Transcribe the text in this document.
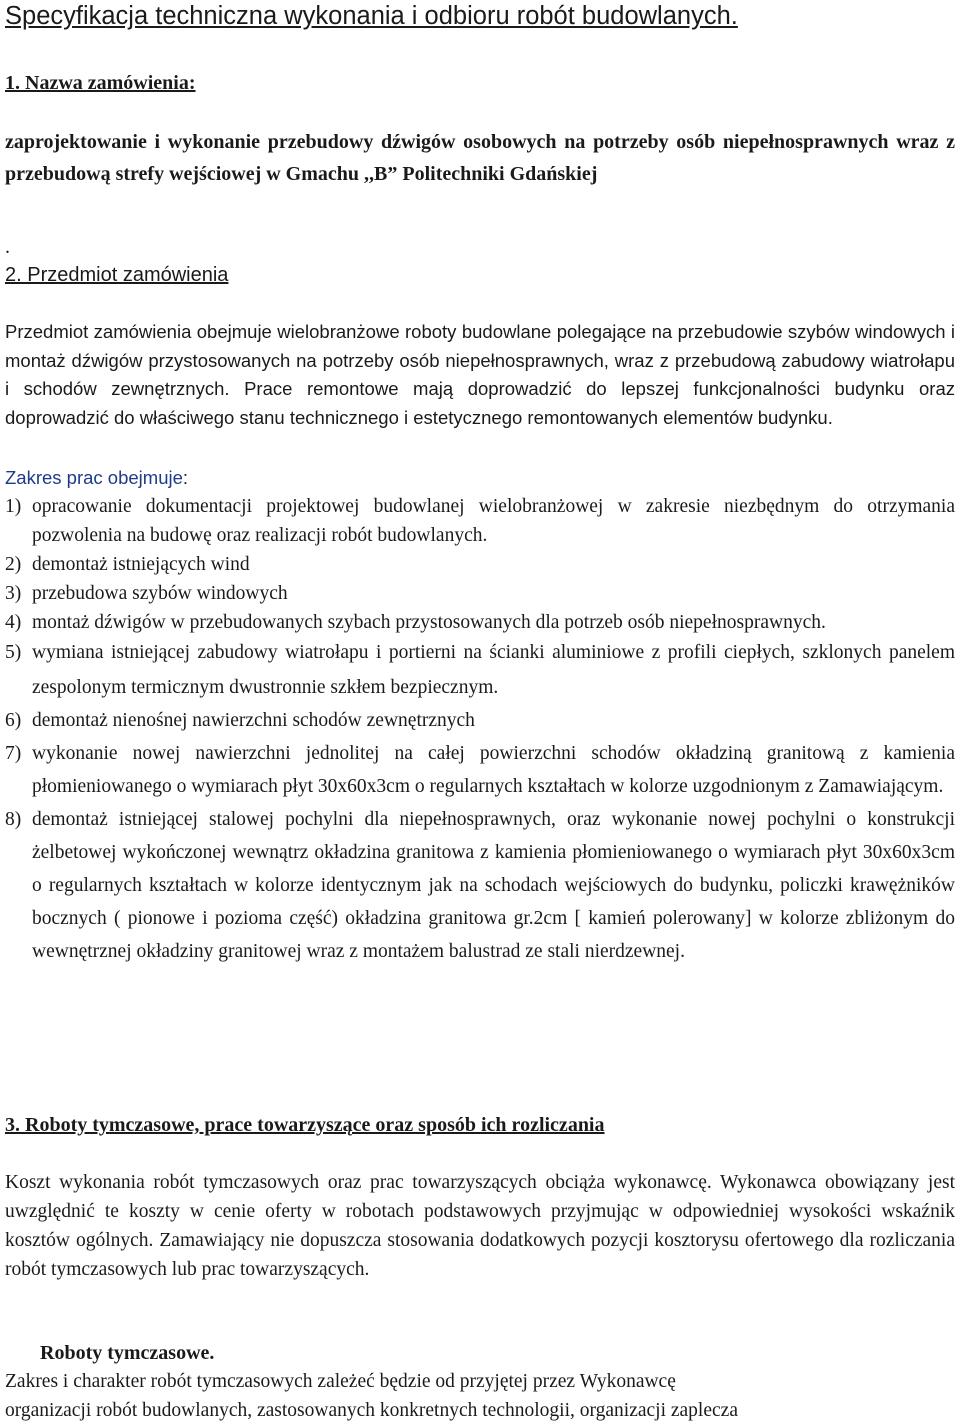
Specyfikacja techniczna wykonania i odbioru robót budowlanych.
1. Nazwa zamówienia:
zaprojektowanie i wykonanie przebudowy dźwigów osobowych na potrzeby osób niepełnosprawnych wraz z przebudową strefy wejściowej w Gmachu ,,B” Politechniki Gdańskiej
.
2. Przedmiot zamówienia
Przedmiot zamówienia obejmuje wielobranżowe roboty budowlane polegające na przebudowie szybów windowych i montaż dźwigów przystosowanych na potrzeby osób niepełnosprawnych, wraz z przebudową zabudowy wiatrołapu i schodów zewnętrznych. Prace remontowe mają doprowadzić do lepszej funkcjonalności budynku oraz doprowadzić do właściwego stanu technicznego i estetycznego remontowanych elementów budynku.
Zakres prac obejmuje:
1) opracowanie dokumentacji projektowej budowlanej wielobranżowej w zakresie niezbędnym do otrzymania pozwolenia na budowę oraz realizacji robót budowlanych.
2) demontaż istniejących wind
3) przebudowa szybów windowych
4) montaż dźwigów w przebudowanych szybach przystosowanych dla potrzeb osób niepełnosprawnych.
5) wymiana istniejącej zabudowy wiatrołapu i portierni na ścianki aluminiowe z profili ciepłych, szklonych panelem zespolonym termicznym dwustronnie szkłem bezpiecznym.
6) demontaż nienośnej nawierzchni schodów zewnętrznych
7) wykonanie nowej nawierzchni jednolitej na całej powierzchni schodów okładziną granitową z kamienia płomieniowanego o wymiarach płyt 30x60x3cm o regularnych kształtach w kolorze uzgodnionym z Zamawiającym.
8) demontaż istniejącej stalowej pochylni dla niepełnosprawnych, oraz wykonanie nowej pochylni o konstrukcji żelbetowej wykończonej wewnątrz okładzina granitowa z kamienia płomieniowanego o wymiarach płyt 30x60x3cm o regularnych kształtach w kolorze identycznym jak na schodach wejściowych do budynku, policzki krawężników bocznych ( pionowe i pozioma część) okładzina granitowa gr.2cm [ kamień polerowany] w kolorze zbliżonym do wewnętrznej okładziny granitowej wraz z montażem balustrad ze stali nierdzewnej.
3. Roboty tymczasowe, prace towarzyszące oraz sposób ich rozliczania
Koszt wykonania robót tymczasowych oraz prac towarzyszących obciąża wykonawcę. Wykonawca obowiązany jest uwzględnić te koszty w cenie oferty w robotach podstawowych przyjmując w odpowiedniej wysokości wskaźnik kosztów ogólnych. Zamawiający nie dopuszcza stosowania dodatkowych pozycji kosztorysu ofertowego dla rozliczania robót tymczasowych lub prac towarzyszących.
Roboty tymczasowe.
Zakres i charakter robót tymczasowych zależeć będzie od przyjętej przez Wykonawcę
organizacji robót budowlanych, zastosowanych konkretnych technologii, organizacji zaplecza
